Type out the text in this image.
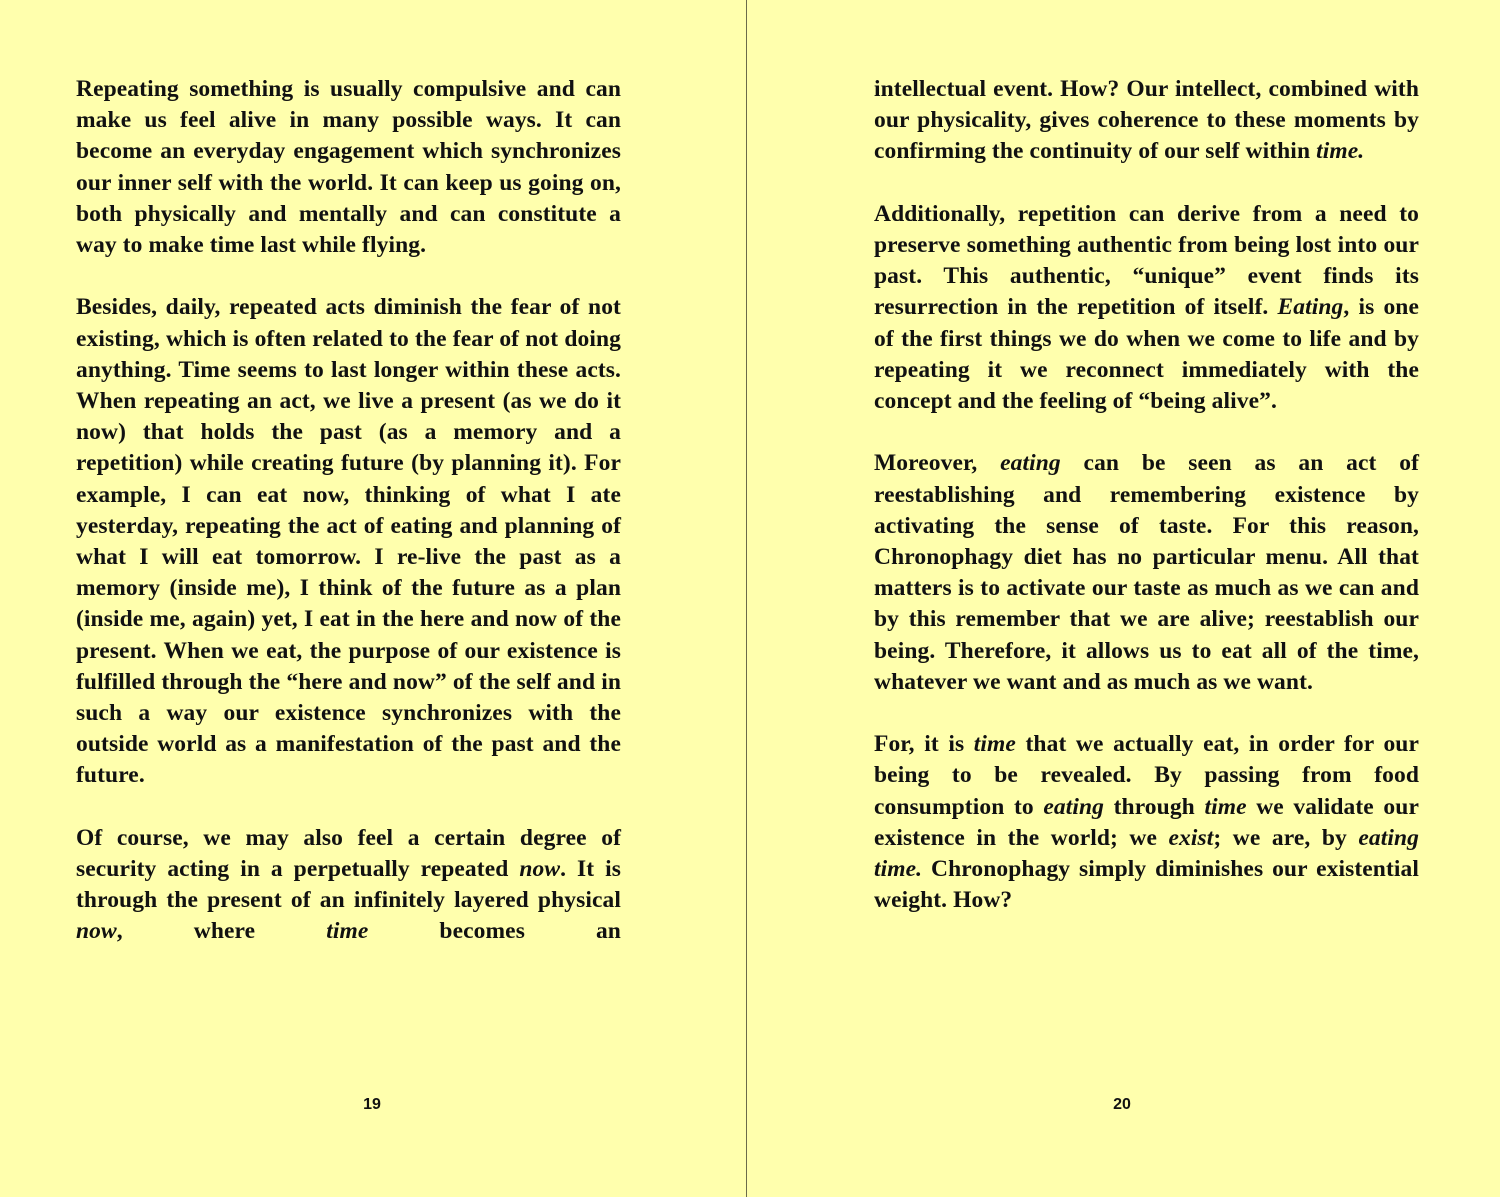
Repeating something is usually compulsive and can make us feel alive in many possible ways. It can become an everyday engagement which synchronizes our inner self with the world. It can keep us going on, both physically and mentally and can constitute a way to make time last while flying.

Besides, daily, repeated acts diminish the fear of not existing, which is often related to the fear of not doing anything. Time seems to last longer within these acts. When repeating an act, we live a present (as we do it now) that holds the past (as a memory and a repetition) while creating future (by planning it). For example, I can eat now, thinking of what I ate yesterday, repeating the act of eating and planning of what I will eat tomorrow. I re-live the past as a memory (inside me), I think of the future as a plan (inside me, again) yet, I eat in the here and now of the present. When we eat, the purpose of our existence is fulfilled through the “here and now” of the self and in such a way our existence synchronizes with the outside world as a manifestation of the past and the future.

Of course, we may also feel a certain degree of security acting in a perpetually repeated now. It is through the present of an infinitely layered physical now, where time becomes an

19

intellectual event. How? Our intellect, combined with our physicality, gives coherence to these moments by confirming the continuity of our self within time.

Additionally, repetition can derive from a need to preserve something authentic from being lost into our past. This authentic, “unique” event finds its resurrection in the repetition of itself. Eating, is one of the first things we do when we come to life and by repeating it we reconnect immediately with the concept and the feeling of “being alive”.

Moreover, eating can be seen as an act of reestablishing and remembering existence by activating the sense of taste. For this reason, Chronophagy diet has no particular menu. All that matters is to activate our taste as much as we can and by this remember that we are alive; reestablish our being. Therefore, it allows us to eat all of the time, whatever we want and as much as we want.

For, it is time that we actually eat, in order for our being to be revealed. By passing from food consumption to eating through time we validate our existence in the world; we exist; we are, by eating time. Chronophagy simply diminishes our existential weight. How?

20
